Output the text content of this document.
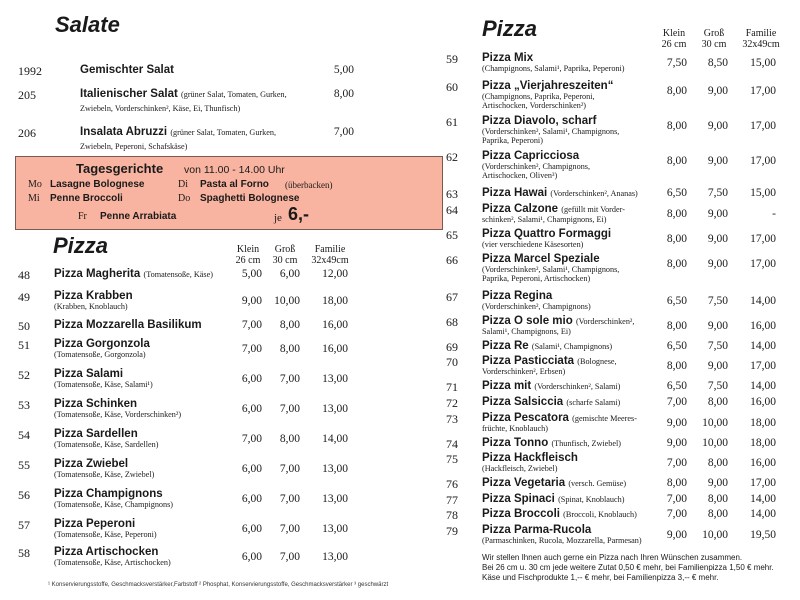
Salate
1992	Gemischter Salat	5,00
205	Italienischer Salat (grüner Salat, Tomaten, Gurken,
Zwiebeln, Vorderschinken², Käse, Ei, Thunfisch)
8,00
206	Insalata Abruzzi (grüner Salat, Tomaten, Gurken,
Zwiebeln, Peperoni, Schafskäse)
7,00
Tagesgerichte von 11.00 - 14.00 Uhr
Mo Lasagne Bolognese	Di Pasta al Forno (überbacken)
Mi Penne Broccoli	Do Spaghetti Bolognese
Fr Penne Arrabiata	je 6,-
Pizza	Klein
26 cm
Groß
30 cm
Familie
32x49cm
48 Pizza Magherita (Tomatensoße, Käse)	5,00	6,00	12,00
49 Pizza Krabben
(Krabben, Knoblauch)	9,00	10,00	18,00
50 Pizza Mozzarella Basilikum	7,00	8,00	16,00
51 Pizza Gorgonzola
(Tomatensoße, Gorgonzola)	7,00	8,00	16,00
52 Pizza Salami
(Tomatensoße, Käse, Salami¹)	6,00	7,00	13,00
53 Pizza Schinken
(Tomatensoße, Käse, Vorderschinken²)	6,00	7,00	13,00
54 Pizza Sardellen
(Tomatensoße, Käse, Sardellen)	7,00	8,00	14,00
55 Pizza Zwiebel
(Tomatensoße, Käse, Zwiebel)	6,00	7,00	13,00
56 Pizza Champignons
(Tomatensoße, Käse, Champignons)	6,00	7,00	13,00
57 Pizza Peperoni
(Tomatensoße, Käse, Peperoni)	6,00	7,00	13,00
58 Pizza Artischocken
(Tomatensoße, Käse, Artischocken)	6,00	7,00	13,00
¹ Konservierungsstoffe, Geschmacksverstärker,Farbstoff ² Phosphat, Konservierungsstoffe, Geschmacksverstärker ³ geschwärzt
Pizza	Klein
26 cm
Groß
30 cm
Familie
32x49cm
59 Pizza Mix
(Champignons, Salami¹, Paprika, Peperoni)	7,50	8,50	15,00
60 Pizza „Vierjahreszeiten“
(Champignons, Paprika, Peperoni,
Artischocken, Vorderschinken²)
8,00	9,00	17,00
61 Pizza Diavolo, scharf
(Vorderschinken², Salami¹, Champignons,
Paprika, Peperoni)
8,00	9,00	17,00
62 Pizza Capricciosa
(Vorderschinken², Champignons,
Artischocken, Oliven³)
8,00	9,00	17,00
63 Pizza Hawai (Vorderschinken², Ananas)	6,50	7,50	15,00
64 Pizza Calzone (gefüllt mit Vorder-
schinken², Salami¹, Champignons, Ei)	8,00	9,00	-
65 Pizza Quattro Formaggi
(vier verschiedene Käsesorten)	8,00	9,00	17,00
66 Pizza Marcel Speziale
(Vorderschinken², Salami¹, Champignons,
Paprika, Peperoni, Artischocken)
8,00	9,00	17,00
67 Pizza Regina
(Vorderschinken², Champignons)	6,50	7,50	14,00
68 Pizza O sole mio (Vorderschinken²,
Salami¹, Champignons, Ei)	8,00	9,00	16,00
69 Pizza Re (Salami¹, Champignons)	6,50	7,50	14,00
70 Pizza Pasticciata (Bolognese,
Vorderschinken², Erbsen)	8,00	9,00	17,00
71 Pizza mit (Vorderschinken², Salami)	6,50	7,50	14,00
72 Pizza Salsiccia (scharfe Salami)	7,00	8,00	16,00
73 Pizza Pescatora (gemischte Meeres-
früchte, Knoblauch)	9,00	10,00	18,00
74 Pizza Tonno (Thunfisch, Zwiebel)	9,00	10,00	18,00
75 Pizza Hackfleisch
(Hackfleisch, Zwiebel)	7,00	8,00	16,00
76 Pizza Vegetaria (versch. Gemüse)	8,00	9,00	17,00
77 Pizza Spinaci (Spinat, Knoblauch)	7,00	8,00	14,00
78 Pizza Broccoli (Broccoli, Knoblauch)	7,00	8,00	14,00
79 Pizza Parma-Rucola
(Parmaschinken, Rucola, Mozzarella, Parmesan)	9,00	10,00	19,50
Wir stellen Ihnen auch gerne ein Pizza nach Ihren Wünschen zusammen.
Bei 26 cm u. 30 cm jede weitere Zutat 0,50 € mehr, bei Familienpizza 1,50 € mehr.
Käse und Fischprodukte 1,-- € mehr, bei Familienpizza 3,-- € mehr.
